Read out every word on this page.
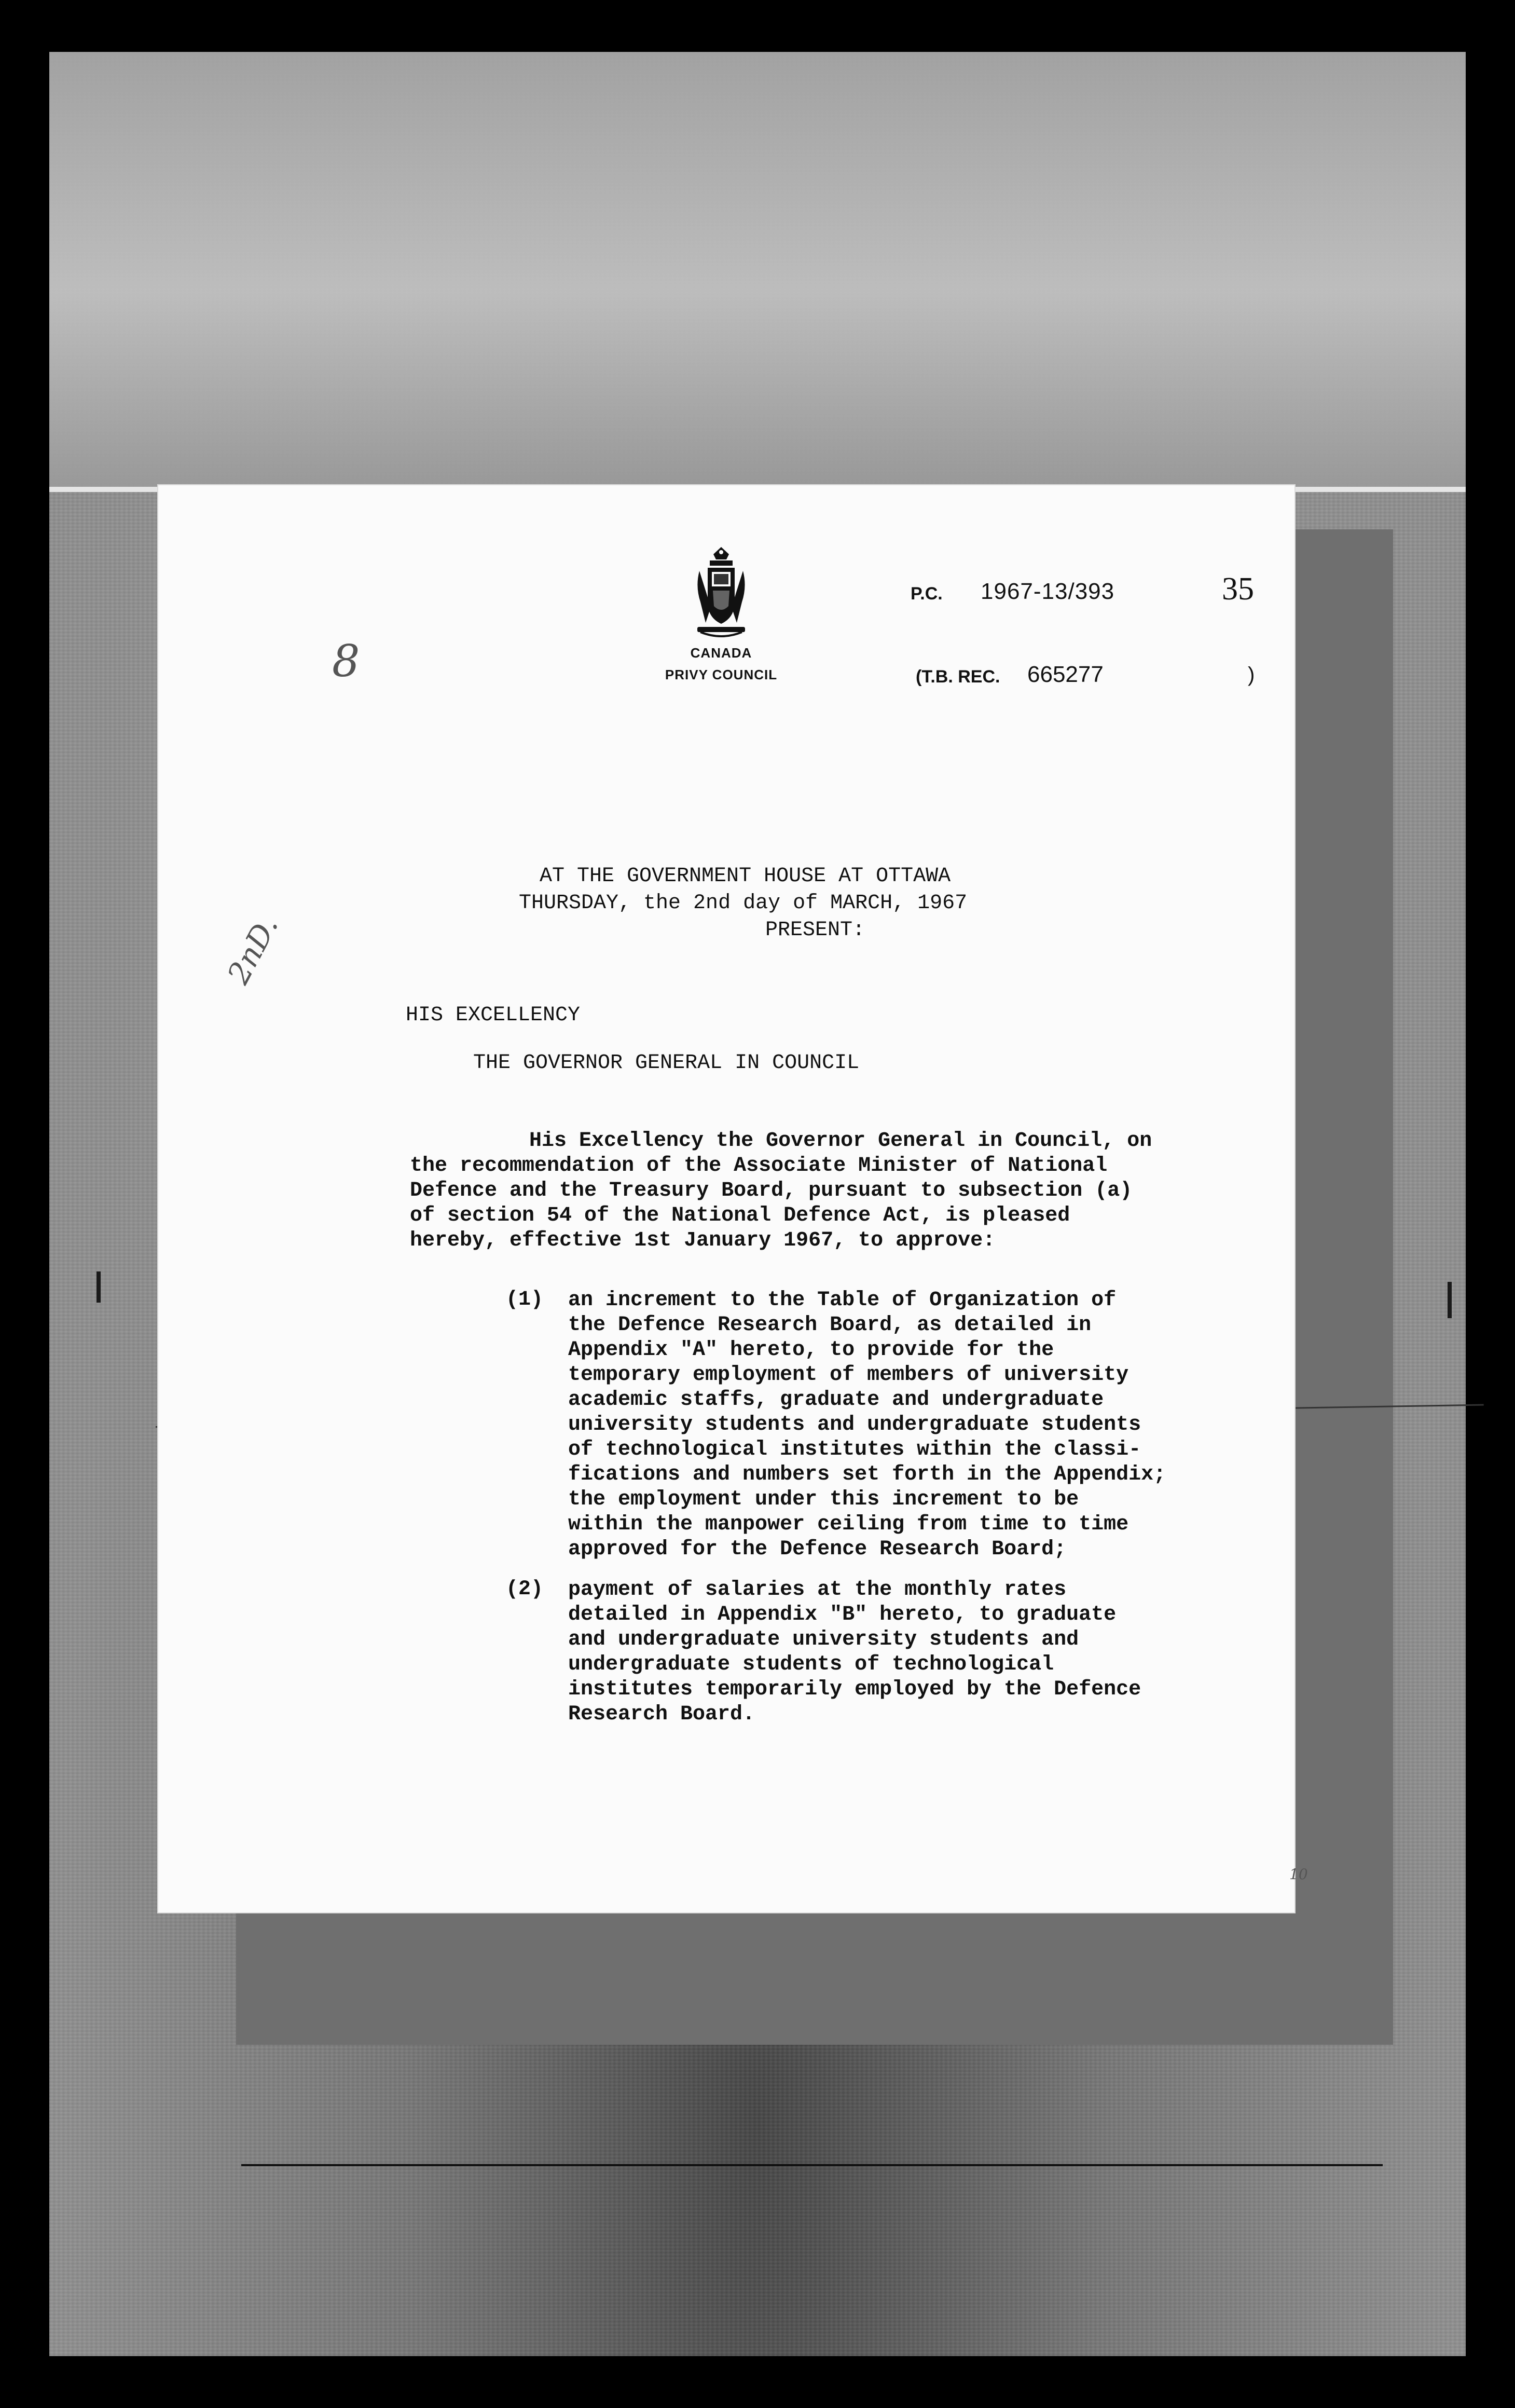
CANADA
PRIVY COUNCIL
P.C. 1967-13/393	35
(T.B. REC. 665277	)
8
2nD.
10
AT THE GOVERNMENT HOUSE AT OTTAWA
THURSDAY, the 2nd day of MARCH, 1967
PRESENT:
HIS EXCELLENCY
THE GOVERNOR GENERAL IN COUNCIL
His Excellency the Governor General in Council, on
the recommendation of the Associate Minister of National
Defence and the Treasury Board, pursuant to subsection (a)
of section 54 of the National Defence Act, is pleased
hereby, effective 1st January 1967, to approve:
(1) an increment to the Table of Organization of
the Defence Research Board, as detailed in
Appendix "A" hereto, to provide for the
temporary employment of members of university
academic staffs, graduate and undergraduate
university students and undergraduate students
of technological institutes within the classi-
fications and numbers set forth in the Appendix;
the employment under this increment to be
within the manpower ceiling from time to time
approved for the Defence Research Board;
(2) payment of salaries at the monthly rates
detailed in Appendix "B" hereto, to graduate
and undergraduate university students and
undergraduate students of technological
institutes temporarily employed by the Defence
Research Board.
